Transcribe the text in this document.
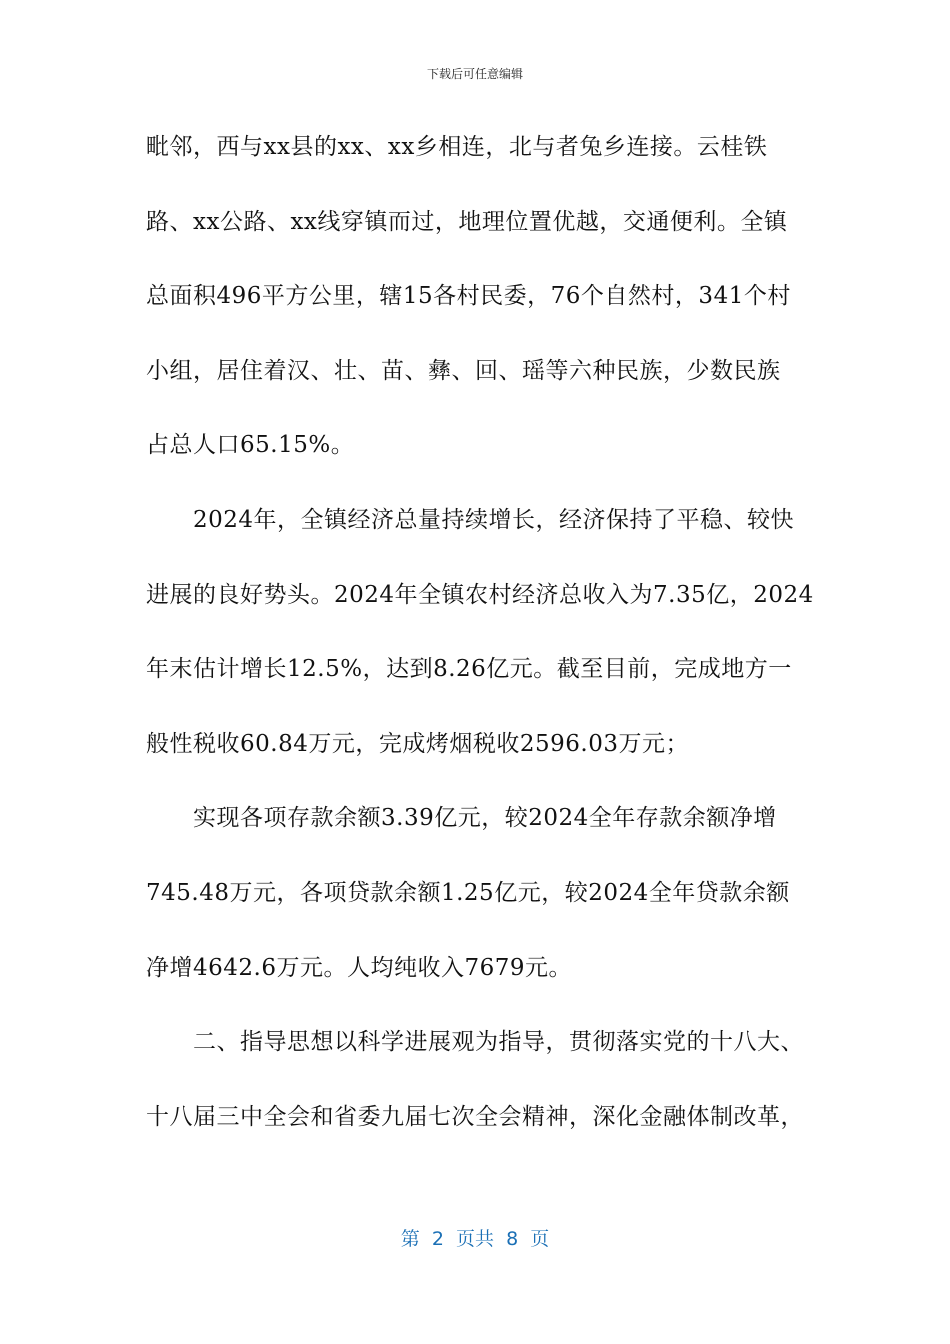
下载后可任意编辑
毗邻，西与xx县的xx、xx乡相连，北与者兔乡连接。云桂铁
路、xx公路、xx线穿镇而过，地理位置优越，交通便利。全镇
总面积496平方公里，辖15各村民委，76个自然村，341个村
小组，居住着汉、壮、苗、彝、回、瑶等六种民族，少数民族
占总人口65.15%。
2024年，全镇经济总量持续增长，经济保持了平稳、较快
进展的良好势头。2024年全镇农村经济总收入为7.35亿，2024
年末估计增长12.5%，达到8.26亿元。截至目前，完成地方一
般性税收60.84万元，完成烤烟税收2596.03万元；
实现各项存款余额3.39亿元，较2024全年存款余额净增
745.48万元，各项贷款余额1.25亿元，较2024全年贷款余额
净增4642.6万元。人均纯收入7679元。
二、指导思想以科学进展观为指导，贯彻落实党的十八大、
十八届三中全会和省委九届七次全会精神，深化金融体制改革，
第  2  页共  8  页
